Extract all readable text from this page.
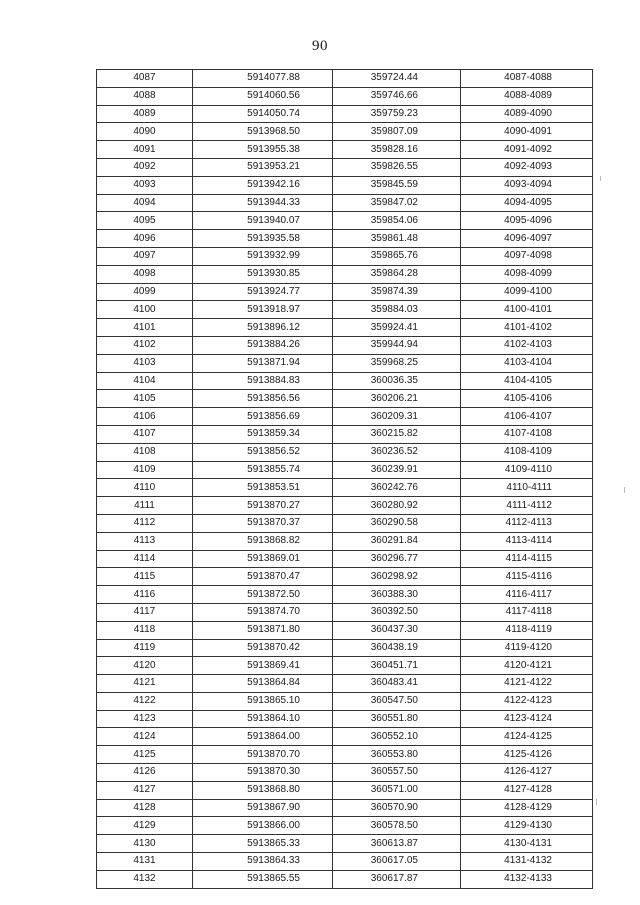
90
4087	5914077.88	359724.44	4087-4088
4088	5914060.56	359746.66	4088-4089
4089	5914050.74	359759.23	4089-4090
4090	5913968.50	359807.09	4090-4091
4091	5913955.38	359828.16	4091-4092
4092	5913953.21	359826.55	4092-4093
4093	5913942.16	359845.59	4093-4094
4094	5913944.33	359847.02	4094-4095
4095	5913940.07	359854.06	4095-4096
4096	5913935.58	359861.48	4096-4097
4097	5913932.99	359865.76	4097-4098
4098	5913930.85	359864.28	4098-4099
4099	5913924.77	359874.39	4099-4100
4100	5913918.97	359884.03	4100-4101
4101	5913896.12	359924.41	4101-4102
4102	5913884.26	359944.94	4102-4103
4103	5913871.94	359968.25	4103-4104
4104	5913884.83	360036.35	4104-4105
4105	5913856.56	360206.21	4105-4106
4106	5913856.69	360209.31	4106-4107
4107	5913859.34	360215.82	4107-4108
4108	5913856.52	360236.52	4108-4109
4109	5913855.74	360239.91	4109-4110
4110	5913853.51	360242.76	4110-4111
4111	5913870.27	360280.92	4111-4112
4112	5913870.37	360290.58	4112-4113
4113	5913868.82	360291.84	4113-4114
4114	5913869.01	360296.77	4114-4115
4115	5913870.47	360298.92	4115-4116
4116	5913872.50	360388.30	4116-4117
4117	5913874.70	360392.50	4117-4118
4118	5913871.80	360437.30	4118-4119
4119	5913870.42	360438.19	4119-4120
4120	5913869.41	360451.71	4120-4121
4121	5913864.84	360483.41	4121-4122
4122	5913865.10	360547.50	4122-4123
4123	5913864.10	360551.80	4123-4124
4124	5913864.00	360552.10	4124-4125
4125	5913870.70	360553.80	4125-4126
4126	5913870.30	360557.50	4126-4127
4127	5913868.80	360571.00	4127-4128
4128	5913867.90	360570.90	4128-4129
4129	5913866.00	360578.50	4129-4130
4130	5913865.33	360613.87	4130-4131
4131	5913864.33	360617.05	4131-4132
4132	5913865.55	360617.87	4132-4133
